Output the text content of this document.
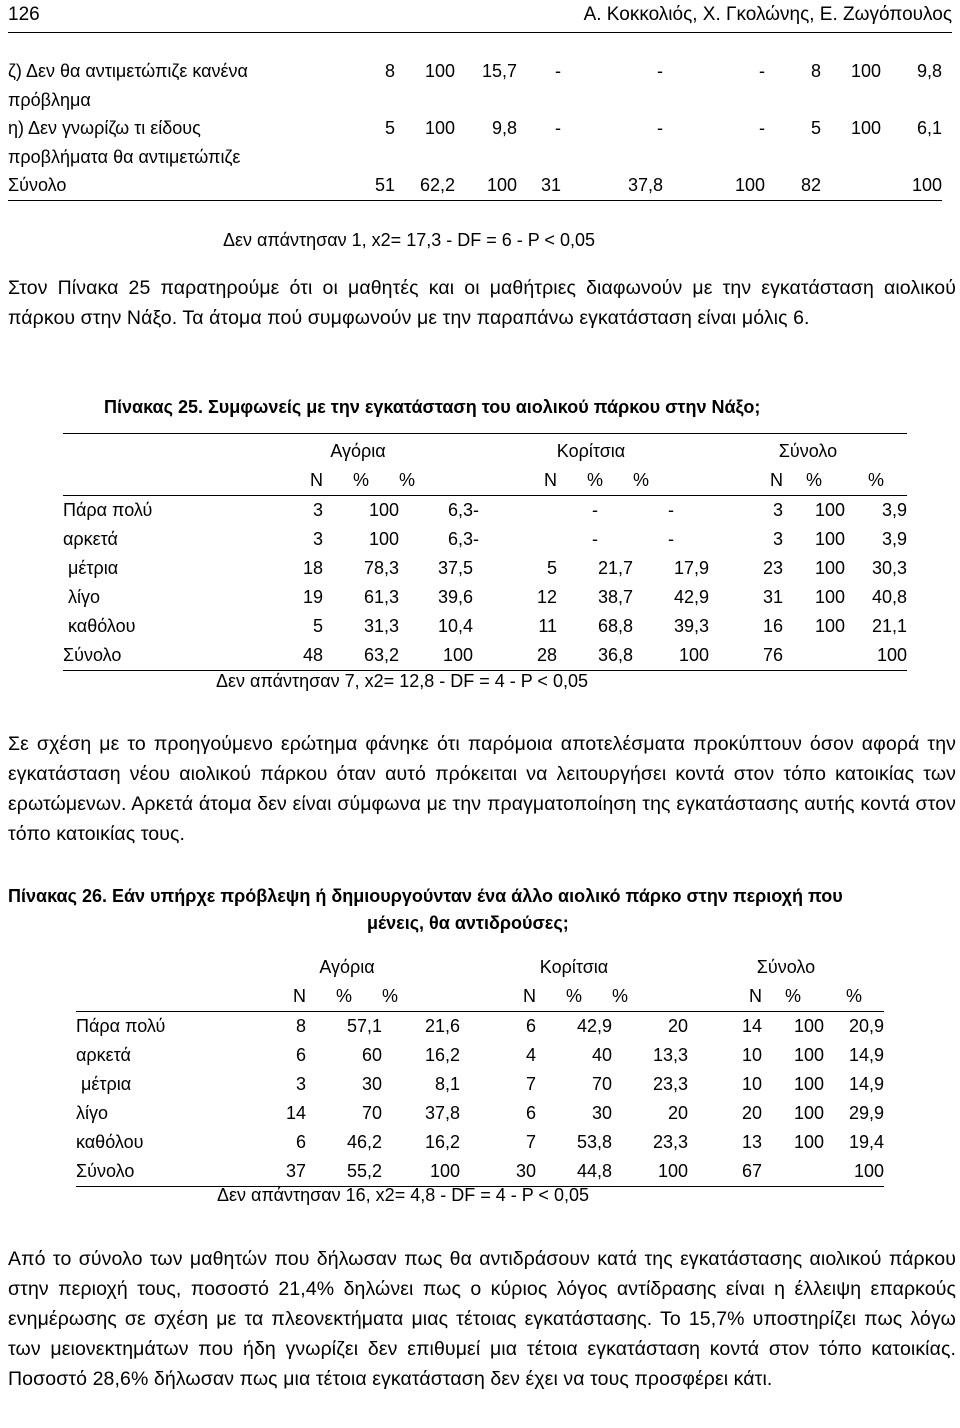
126	Α. Κοκκολιός, Χ. Γκολώνης, Ε. Ζωγόπουλος
ζ) Δεν θα αντιμετώπιζε κανένα πρόβλημα	8	100	15,7	-	-	-	8	100	9,8
η) Δεν γνωρίζω τι είδους προβλήματα θα αντιμετώπιζε	5	100	9,8	-	-	-	5	100	6,1
Σύνολο	51	62,2	100	31	37,8	100	82		100
Δεν απάντησαν 1, x2= 17,3 - DF = 6 - P < 0,05
Στον Πίνακα 25 παρατηρούμε ότι οι μαθητές και οι μαθήτριες διαφωνούν με την εγκατάσταση αιολικού πάρκου στην Νάξο. Τα άτομα πού συμφωνούν με την παραπάνω εγκατάσταση είναι μόλις 6.
Πίνακας 25. Συμφωνείς με την εγκατάσταση του αιολικού πάρκου στην Νάξο;
	Αγόρια			Κορίτσια			Σύνολο		
	Ν	%	%	Ν	%	%	Ν	%	%
Πάρα πολύ	3	100	6,3	-	-	-	3	100	3,9
αρκετά	3	100	6,3	-	-	-	3	100	3,9
μέτρια	18	78,3	37,5	5	21,7	17,9	23	100	30,3
λίγο	19	61,3	39,6	12	38,7	42,9	31	100	40,8
καθόλου	5	31,3	10,4	11	68,8	39,3	16	100	21,1
Σύνολο	48	63,2	100	28	36,8	100	76		100
Δεν απάντησαν 7, x2= 12,8 - DF = 4 - P < 0,05
Σε σχέση με το προηγούμενο ερώτημα φάνηκε ότι παρόμοια αποτελέσματα προκύπτουν όσον αφορά την εγκατάσταση νέου αιολικού πάρκου όταν αυτό πρόκειται να λειτουργήσει κοντά στον τόπο κατοικίας των ερωτώμενων. Αρκετά άτομα δεν είναι σύμφωνα με την πραγματοποίηση της εγκατάστασης αυτής κοντά στον τόπο κατοικίας τους.
Πίνακας 26. Εάν υπήρχε πρόβλεψη ή δημιουργούνταν ένα άλλο αιολικό πάρκο στην περιοχή που
μένεις, θα αντιδρούσες;
	Αγόρια			Κορίτσια			Σύνολο		
	Ν	%	%	Ν	%	%	Ν	%	%
Πάρα πολύ	8	57,1	21,6	6	42,9	20	14	100	20,9
αρκετά	6	60	16,2	4	40	13,3	10	100	14,9
μέτρια	3	30	8,1	7	70	23,3	10	100	14,9
λίγο	14	70	37,8	6	30	20	20	100	29,9
καθόλου	6	46,2	16,2	7	53,8	23,3	13	100	19,4
Σύνολο	37	55,2	100	30	44,8	100	67		100
Δεν απάντησαν 16, x2= 4,8 - DF = 4 - P < 0,05
Από το σύνολο των μαθητών που δήλωσαν πως θα αντιδράσουν κατά της εγκατάστασης αιολικού πάρκου στην περιοχή τους, ποσοστό 21,4% δηλώνει πως ο κύριος λόγος αντίδρασης είναι η έλλειψη επαρκούς ενημέρωσης σε σχέση με τα πλεονεκτήματα μιας τέτοιας εγκατάστασης. Το 15,7% υποστηρίζει πως λόγω των μειονεκτημάτων που ήδη γνωρίζει δεν επιθυμεί μια τέτοια εγκατάσταση κοντά στον τόπο κατοικίας. Ποσοστό 28,6% δήλωσαν πως μια τέτοια εγκατάσταση δεν έχει να τους προσφέρει κάτι.
